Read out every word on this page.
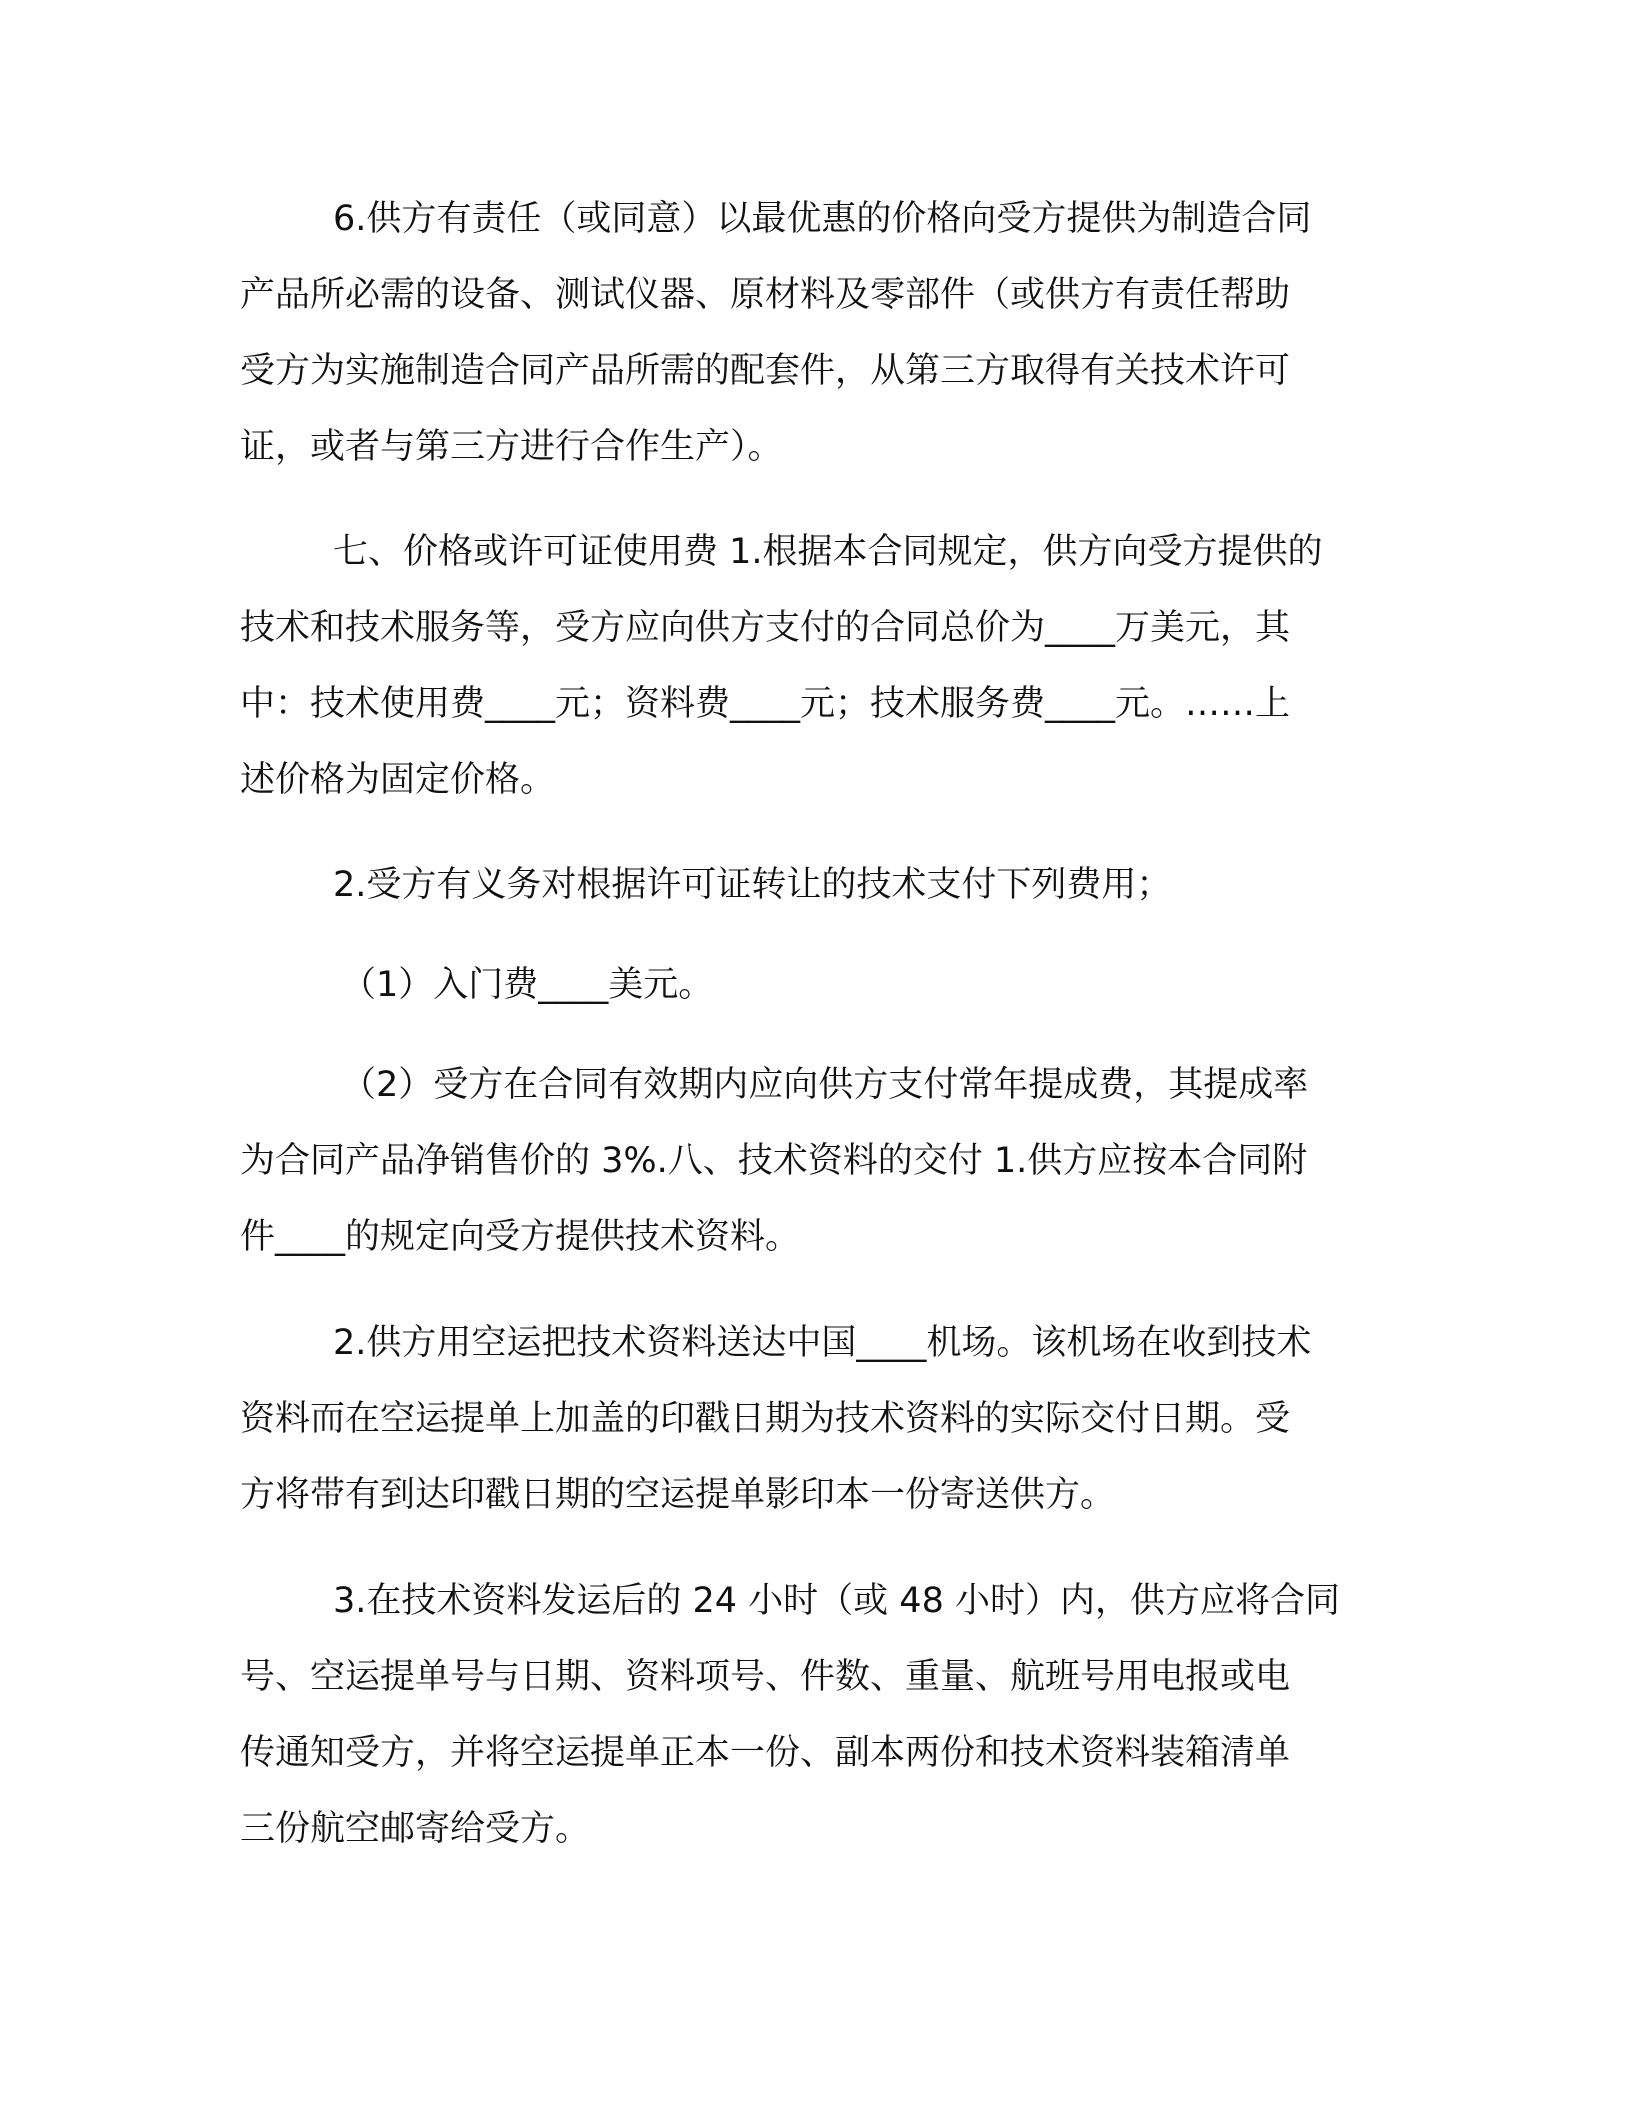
6.供方有责任（或同意）以最优惠的价格向受方提供为制造合同
产品所必需的设备、测试仪器、原材料及零部件（或供方有责任帮助
受方为实施制造合同产品所需的配套件，从第三方取得有关技术许可
证，或者与第三方进行合作生产）。
七、价格或许可证使用费 1.根据本合同规定，供方向受方提供的
技术和技术服务等，受方应向供方支付的合同总价为____万美元，其
中：技术使用费____元；资料费____元；技术服务费____元。……上
述价格为固定价格。
2.受方有义务对根据许可证转让的技术支付下列费用；
（1）入门费____美元。
（2）受方在合同有效期内应向供方支付常年提成费，其提成率
为合同产品净销售价的 3%.八、技术资料的交付 1.供方应按本合同附
件____的规定向受方提供技术资料。
2.供方用空运把技术资料送达中国____机场。该机场在收到技术
资料而在空运提单上加盖的印戳日期为技术资料的实际交付日期。受
方将带有到达印戳日期的空运提单影印本一份寄送供方。
3.在技术资料发运后的 24 小时（或 48 小时）内，供方应将合同
号、空运提单号与日期、资料项号、件数、重量、航班号用电报或电
传通知受方，并将空运提单正本一份、副本两份和技术资料装箱清单
三份航空邮寄给受方。
